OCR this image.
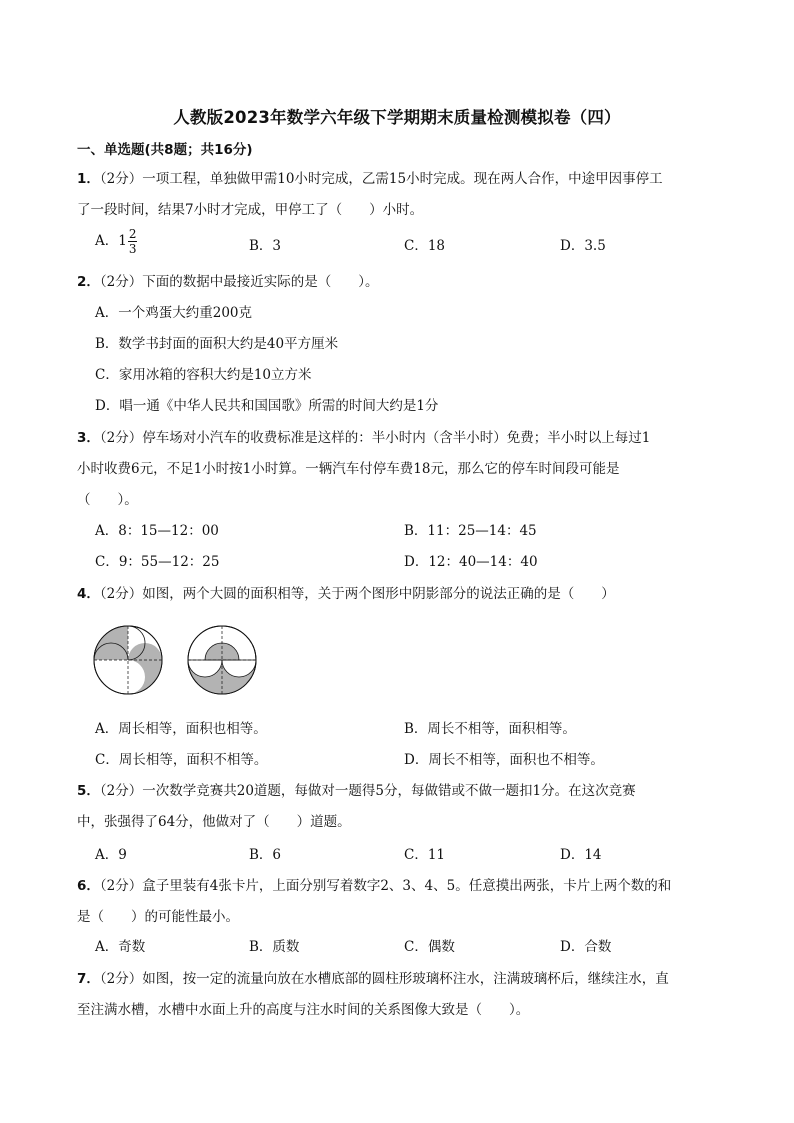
人教版2023年数学六年级下学期期末质量检测模拟卷（四）
一、单选题(共8题；共16分)
1．（2分）一项工程，单独做甲需10小时完成，乙需15小时完成。现在两人合作，中途甲因事停工
了一段时间，结果7小时才完成，甲停工了（　　）小时。
A．$1 \frac{2}{3}$	B．3	C．18	D．3.5
2．（2分）下面的数据中最接近实际的是（　　）。
A．一个鸡蛋大约重200克
B．数学书封面的面积大约是40平方厘米
C．家用冰箱的容积大约是10立方米
D．唱一通《中华人民共和国国歌》所需的时间大约是1分
3．（2分）停车场对小汽车的收费标准是这样的：半小时内（含半小时）免费；半小时以上每过1
小时收费6元，不足1小时按1小时算。一辆汽车付停车费18元，那么它的停车时间段可能是
（　　）。
A．8：15—12：00	B．11：25—14：45
C．9：55—12：25	D．12：40—14：40
4．（2分）如图，两个大圆的面积相等，关于两个图形中阴影部分的说法正确的是（　　）
A．周长相等，面积也相等。	B．周长不相等，面积相等。
C．周长相等，面积不相等。	D．周长不相等，面积也不相等。
5．（2分）一次数学竞赛共20道题，每做对一题得5分，每做错或不做一题扣1分。在这次竞赛
中，张强得了64分，他做对了（　　）道题。
A．9	B．6	C．11	D．14
6．（2分）盒子里装有4张卡片，上面分别写着数字2、3、4、5。任意摸出两张，卡片上两个数的和
是（　　）的可能性最小。
A．奇数	B．质数	C．偶数	D．合数
7．（2分）如图，按一定的流量向放在水槽底部的圆柱形玻璃杯注水，注满玻璃杯后，继续注水，直
至注满水槽，水槽中水面上升的高度与注水时间的关系图像大致是（　　）。
